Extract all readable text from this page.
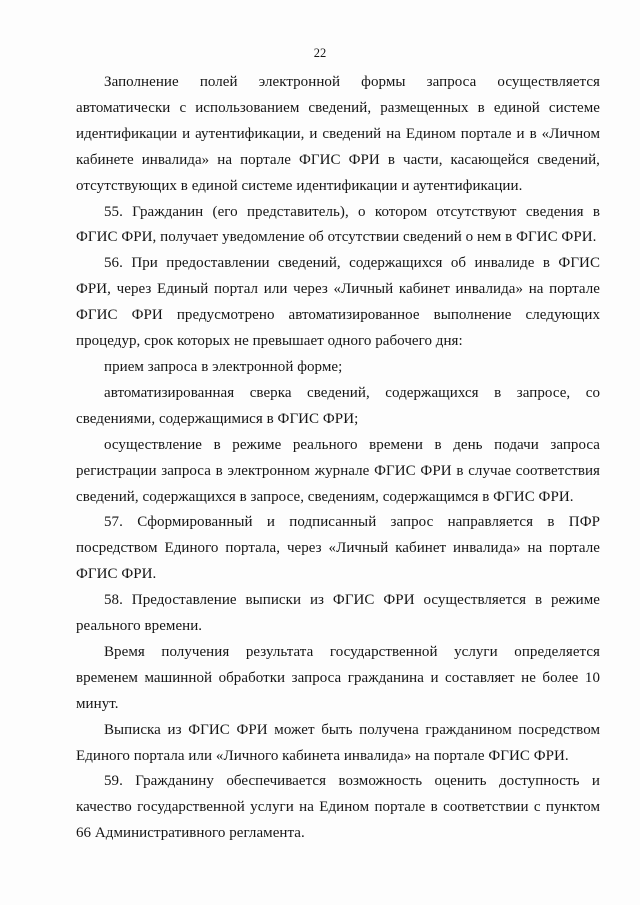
22

Заполнение полей электронной формы запроса осуществляется автоматически с использованием сведений, размещенных в единой системе идентификации и аутентификации, и сведений на Едином портале и в «Личном кабинете инвалида» на портале ФГИС ФРИ в части, касающейся сведений, отсутствующих в единой системе идентификации и аутентификации.

55. Гражданин (его представитель), о котором отсутствуют сведения в ФГИС ФРИ, получает уведомление об отсутствии сведений о нем в ФГИС ФРИ.

56. При предоставлении сведений, содержащихся об инвалиде в ФГИС ФРИ, через Единый портал или через «Личный кабинет инвалида» на портале ФГИС ФРИ предусмотрено автоматизированное выполнение следующих процедур, срок которых не превышает одного рабочего дня:

прием запроса в электронной форме;

автоматизированная сверка сведений, содержащихся в запросе, со сведениями, содержащимися в ФГИС ФРИ;

осуществление в режиме реального времени в день подачи запроса регистрации запроса в электронном журнале ФГИС ФРИ в случае соответствия сведений, содержащихся в запросе, сведениям, содержащимся в ФГИС ФРИ.

57. Сформированный и подписанный запрос направляется в ПФР посредством Единого портала, через «Личный кабинет инвалида» на портале ФГИС ФРИ.

58. Предоставление выписки из ФГИС ФРИ осуществляется в режиме реального времени.

Время получения результата государственной услуги определяется временем машинной обработки запроса гражданина и составляет не более 10 минут.

Выписка из ФГИС ФРИ может быть получена гражданином посредством Единого портала или «Личного кабинета инвалида» на портале ФГИС ФРИ.

59. Гражданину обеспечивается возможность оценить доступность и качество государственной услуги на Едином портале в соответствии с пунктом 66 Административного регламента.
